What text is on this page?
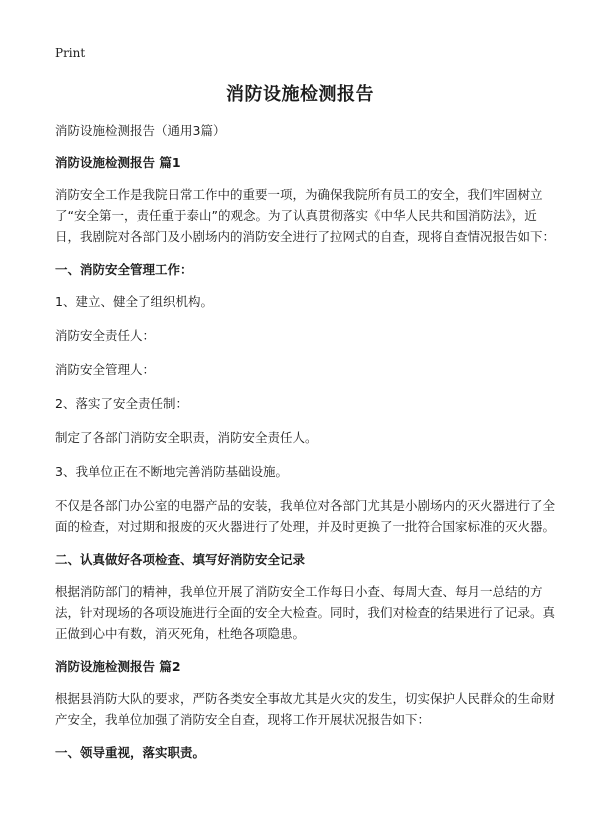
Print
消防设施检测报告

消防设施检测报告（通用3篇）

消防设施检测报告 篇1

消防安全工作是我院日常工作中的重要一项，为确保我院所有员工的安全，我们牢固树立了“安全第一，责任重于泰山”的观念。为了认真贯彻落实《中华人民共和国消防法》，近日，我剧院对各部门及小剧场内的消防安全进行了拉网式的自查，现将自查情况报告如下：

一、消防安全管理工作：

1、建立、健全了组织机构。

消防安全责任人：

消防安全管理人：

2、落实了安全责任制：

制定了各部门消防安全职责，消防安全责任人。

3、我单位正在不断地完善消防基础设施。

不仅是各部门办公室的电器产品的安装，我单位对各部门尤其是小剧场内的灭火器进行了全面的检查，对过期和报废的灭火器进行了处理，并及时更换了一批符合国家标准的灭火器。

二、认真做好各项检查、填写好消防安全记录

根据消防部门的精神，我单位开展了消防安全工作每日小查、每周大查、每月一总结的方法，针对现场的各项设施进行全面的安全大检查。同时，我们对检查的结果进行了记录。真正做到心中有数，消灭死角，杜绝各项隐患。

消防设施检测报告 篇2

根据县消防大队的要求，严防各类安全事故尤其是火灾的发生，切实保护人民群众的生命财产安全，我单位加强了消防安全自查，现将工作开展状况报告如下：

一、领导重视，落实职责。
